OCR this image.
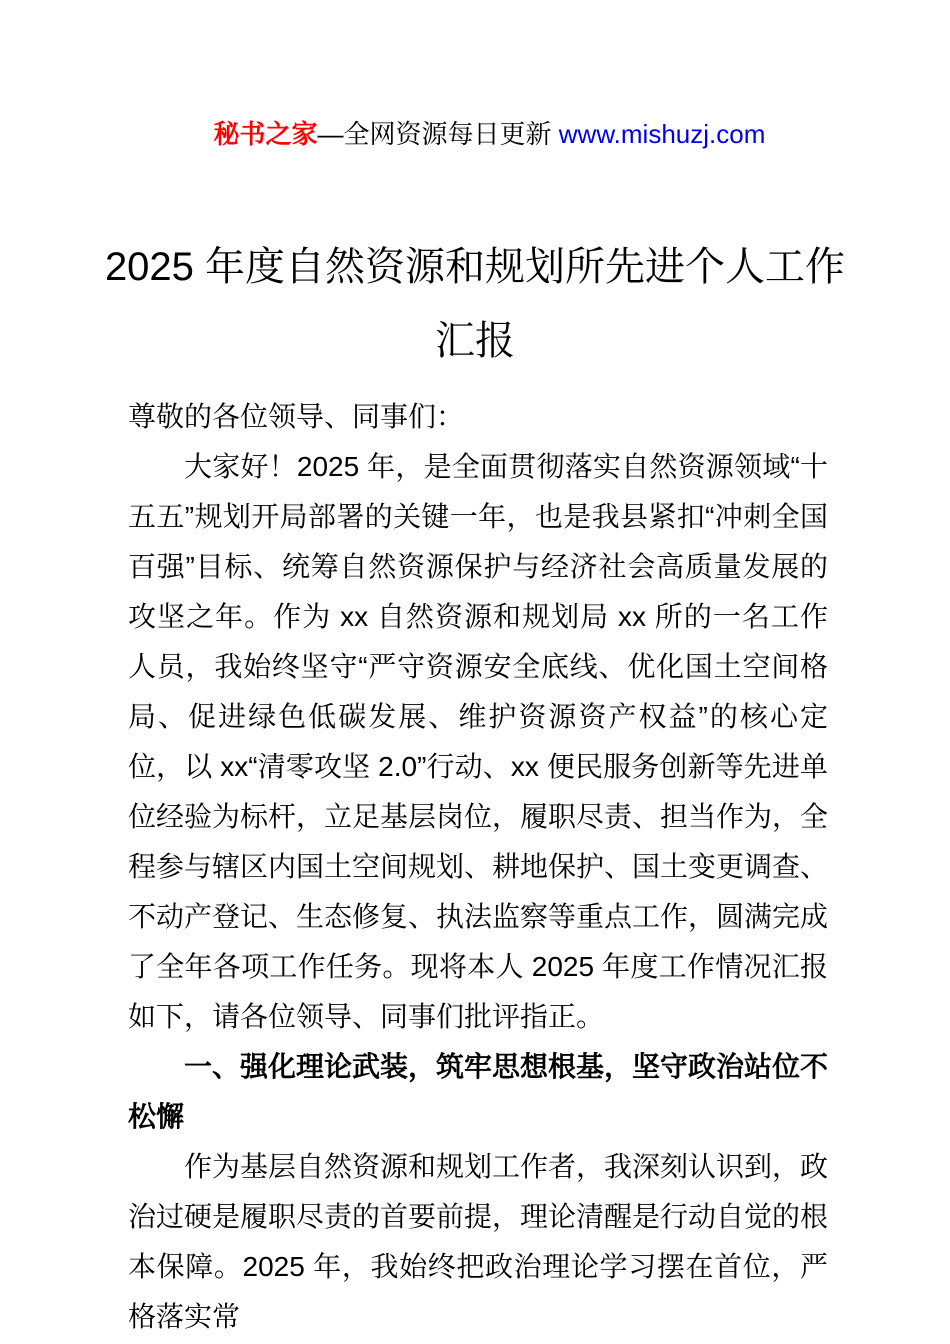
秘书之家—全网资源每日更新 www.mishuzj.com

2025 年度自然资源和规划所先进个人工作
汇报

尊敬的各位领导、同事们：

大家好！2025 年，是全面贯彻落实自然资源领域“十五五”规划开局部署的关键一年，也是我县紧扣“冲刺全国百强”目标、统筹自然资源保护与经济社会高质量发展的攻坚之年。作为 xx 自然资源和规划局 xx 所的一名工作人员，我始终坚守“严守资源安全底线、优化国土空间格局、促进绿色低碳发展、维护资源资产权益”的核心定位，以 xx“清零攻坚 2.0”行动、xx 便民服务创新等先进单位经验为标杆，立足基层岗位，履职尽责、担当作为，全程参与辖区内国土空间规划、耕地保护、国土变更调查、不动产登记、生态修复、执法监察等重点工作，圆满完成了全年各项工作任务。现将本人 2025 年度工作情况汇报如下，请各位领导、同事们批评指正。

一、强化理论武装，筑牢思想根基，坚守政治站位不松懈

作为基层自然资源和规划工作者，我深刻认识到，政治过硬是履职尽责的首要前提，理论清醒是行动自觉的根本保障。2025 年，我始终把政治理论学习摆在首位，严格落实常
